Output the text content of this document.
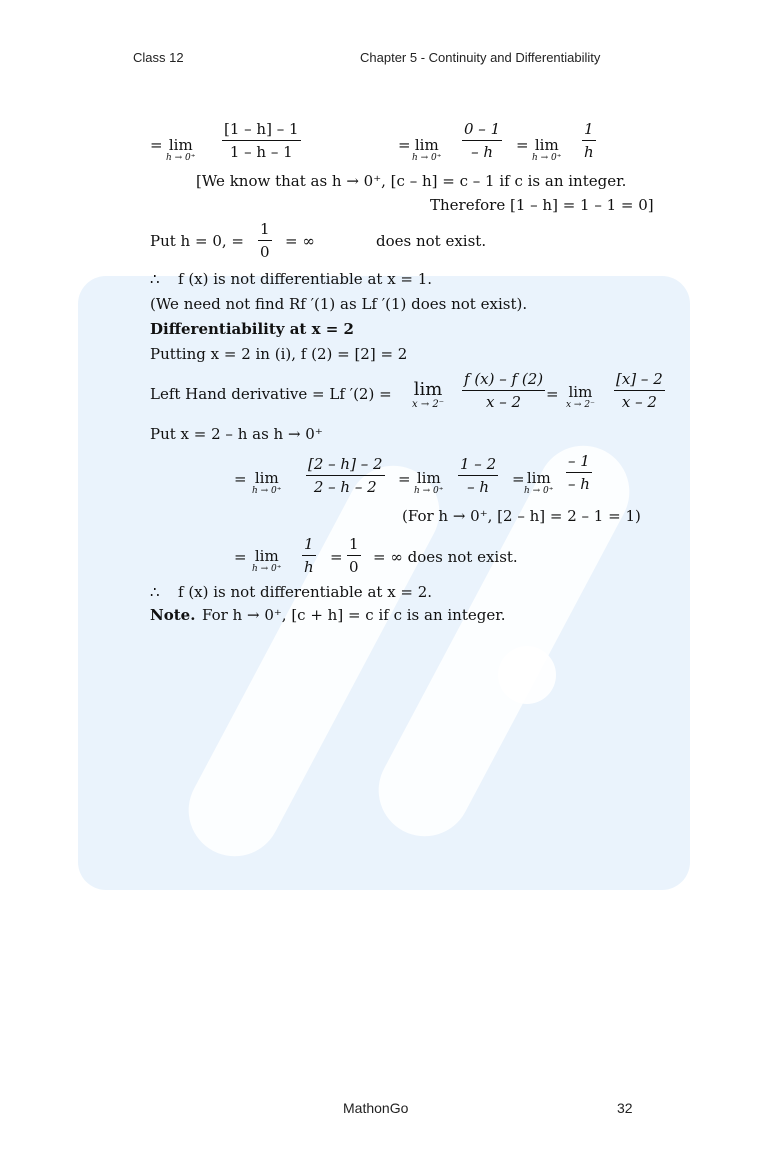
Class 12	Chapter 5 - Continuity and Differentiability
= lim
$h \to 0^+ \frac{[1 - h] - 1}{1 - h - 1}$	= lim
$h \to 0^+ \frac{0 - 1}{- h} = \lim$
$h \to 0^+ \frac{1}{h}$
[We know that as h → 0⁺, [c – h] = c – 1 if c is an integer.
Therefore [1 – h] = 1 – 1 = 0]
Put h = 0, = $\frac{1}{0}$ = ∞	does not exist.
∴ f (x) is not differentiable at x = 1.
(We need not find Rf ′(1) as Lf ′(1) does not exist).
Differentiability at x = 2
Putting x = 2 in (i), f (2) = [2] = 2
Left Hand derivative = Lf ′(2) = lim
$x \to 2^- \frac{f (x) - f (2)}{x - 2} = \lim$
$x \to 2^- \frac{[x] - 2}{x - 2}$
Put x = 2 – h as h → 0⁺
= lim
$h \to 0^+ \frac{[2 - h] - 2}{2 - h - 2} = \lim$
$h \to 0^+ \frac{1 - 2}{- h} = \lim$
$h \to 0^+ \frac{- 1}{- h}$
(For h → 0⁺, [2 – h] = 2 – 1 = 1)
= lim
$h \to 0^+ \frac{1}{h} = \frac{1}{0}$ = ∞ does not exist.
∴ f (x) is not differentiable at x = 2.
Note. For h → 0⁺, [c + h] = c if c is an integer.
MathonGo	32
